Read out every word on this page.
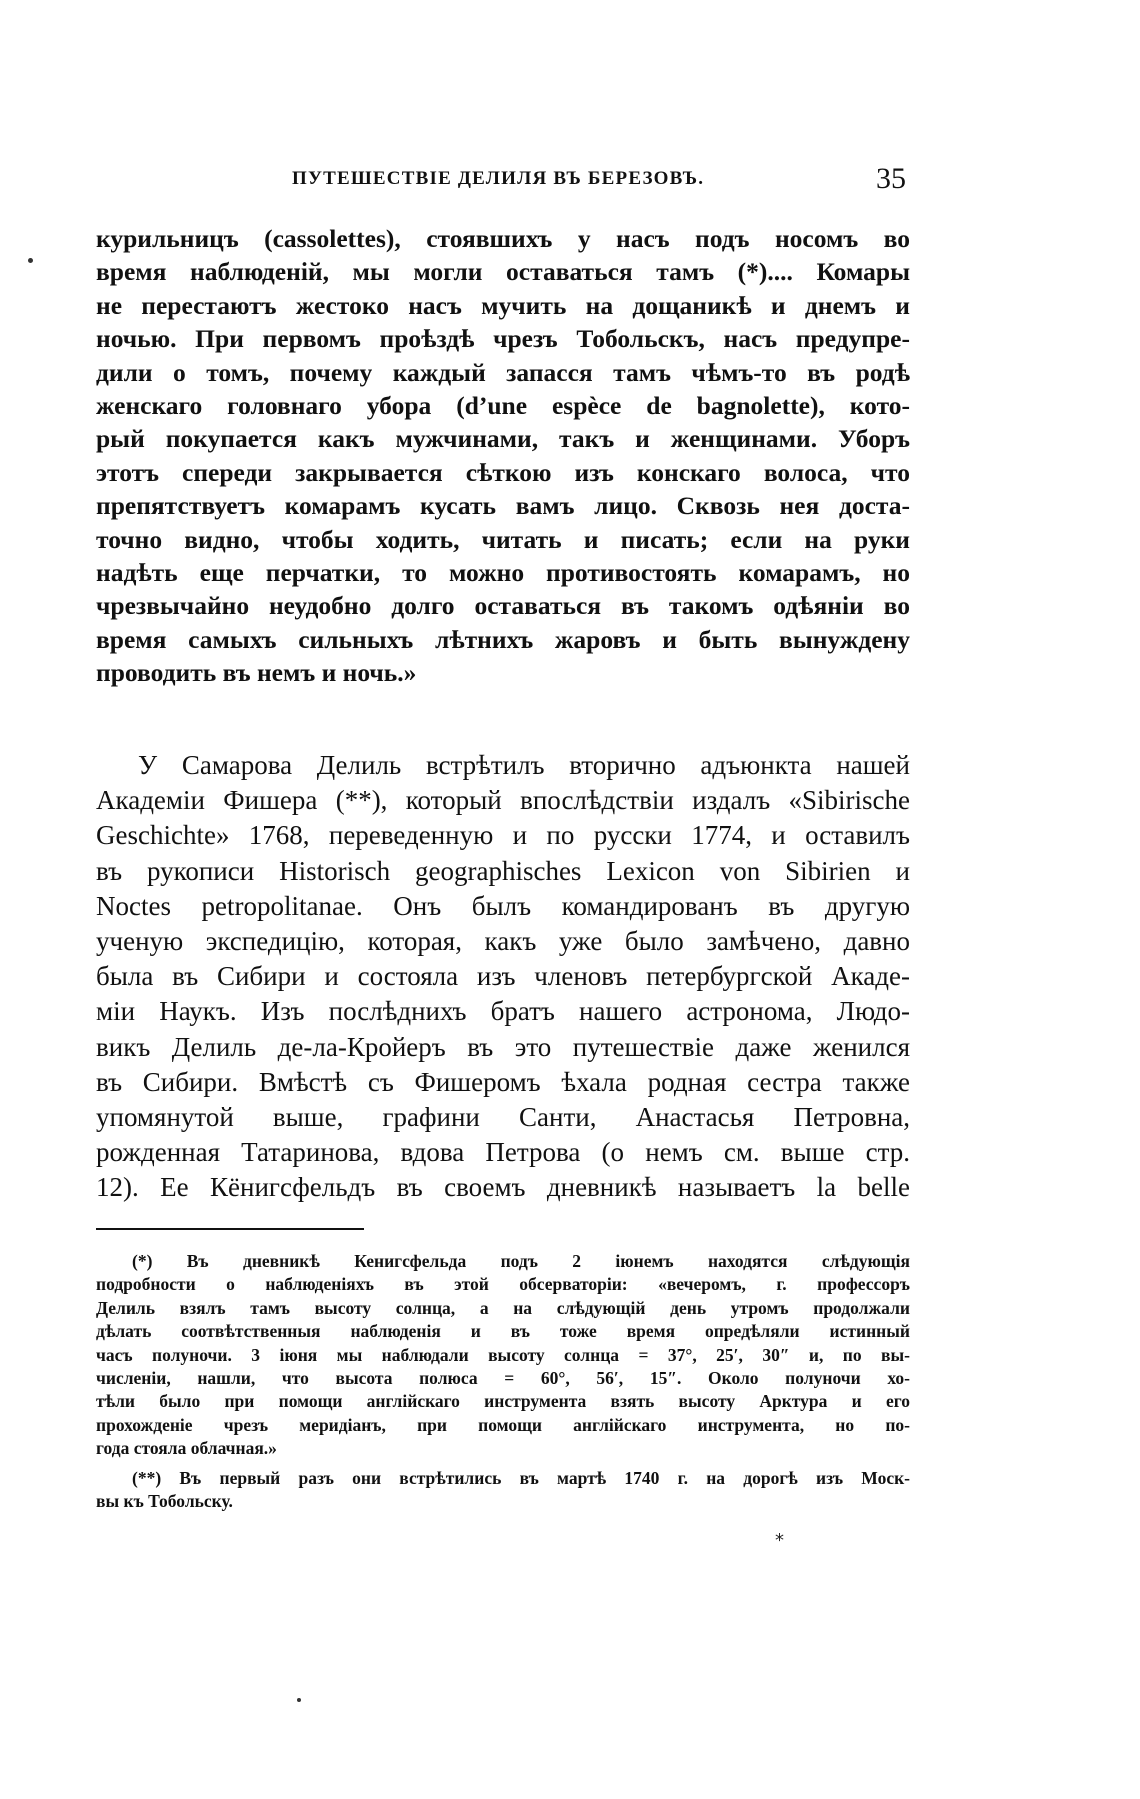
ПУТЕШЕСТВІЕ ДЕЛИЛЯ ВЪ БЕРЕЗОВЪ.	35
курильницъ (cassolettes), стоявшихъ у насъ подъ носомъ во
время наблюденій, мы могли оставаться тамъ (*).... Комары
не перестаютъ жестоко насъ мучить на дощаникѣ и днемъ и
ночью. При первомъ проѣздѣ чрезъ Тобольскъ, насъ предупре-
дили о томъ, почему каждый запасся тамъ чѣмъ-то въ родѣ
женскаго головнаго убора (d’une espèce de bagnolette), кото-
рый покупается какъ мужчинами, такъ и женщинами. Уборъ
этотъ спереди закрывается сѣткою изъ конскаго волоса, что
препятствуетъ комарамъ кусать вамъ лицо. Сквозь нея доста-
точно видно, чтобы ходить, читать и писать; если на руки
надѣть еще перчатки, то можно противостоять комарамъ, но
чрезвычайно неудобно долго оставаться въ такомъ одѣяніи во
время самыхъ сильныхъ лѣтнихъ жаровъ и быть вынуждену
проводить въ немъ и ночь.»
У Самарова Делиль встрѣтилъ вторично адъюнкта нашей
Академіи Фишера (**), который впослѣдствіи издалъ «Sibirische
Geschichte» 1768, переведенную и по русски 1774, и оставилъ
въ рукописи Historisch geographisches Lexicon von Sibirien и
Noctes petropolitanae. Онъ былъ командированъ въ другую
ученую экспедицію, которая, какъ уже было замѣчено, давно
была въ Сибири и состояла изъ членовъ петербургской Акаде-
міи Наукъ. Изъ послѣднихъ братъ нашего астронома, Людо-
викъ Делиль де-ла-Кройеръ въ это путешествіе даже женился
въ Сибири. Вмѣстѣ съ Фишеромъ ѣхала родная сестра также
упомянутой выше, графини Санти, Анастасья Петровна,
рожденная Татаринова, вдова Петрова (о немъ см. выше стр.
12). Ее Кёнигсфельдъ въ своемъ дневникѣ называетъ la belle
(*) Въ дневникѣ Кенигсфельда подъ 2 іюнемъ находятся слѣдующія
подробности о наблюденіяхъ въ этой обсерваторіи: «вечеромъ, г. профессоръ
Делиль взялъ тамъ высоту солнца, а на слѣдующій день утромъ продолжали
дѣлать соотвѣтственныя наблюденія и въ тоже время опредѣляли истинный
часъ полуночи. 3 іюня мы наблюдали высоту солнца = 37°, 25′, 30″ и, по вы-
численіи, нашли, что высота полюса = 60°, 56′, 15″. Около полуночи хо-
тѣли было при помощи англійскаго инструмента взять высоту Арктура и его
прохожденіе чрезъ меридіанъ, при помощи англійскаго инструмента, но по-
года стояла облачная.»
(**) Въ первый разъ они встрѣтились въ мартѣ 1740 г. на дорогѣ изъ Моск-
вы къ Тобольску.
*
